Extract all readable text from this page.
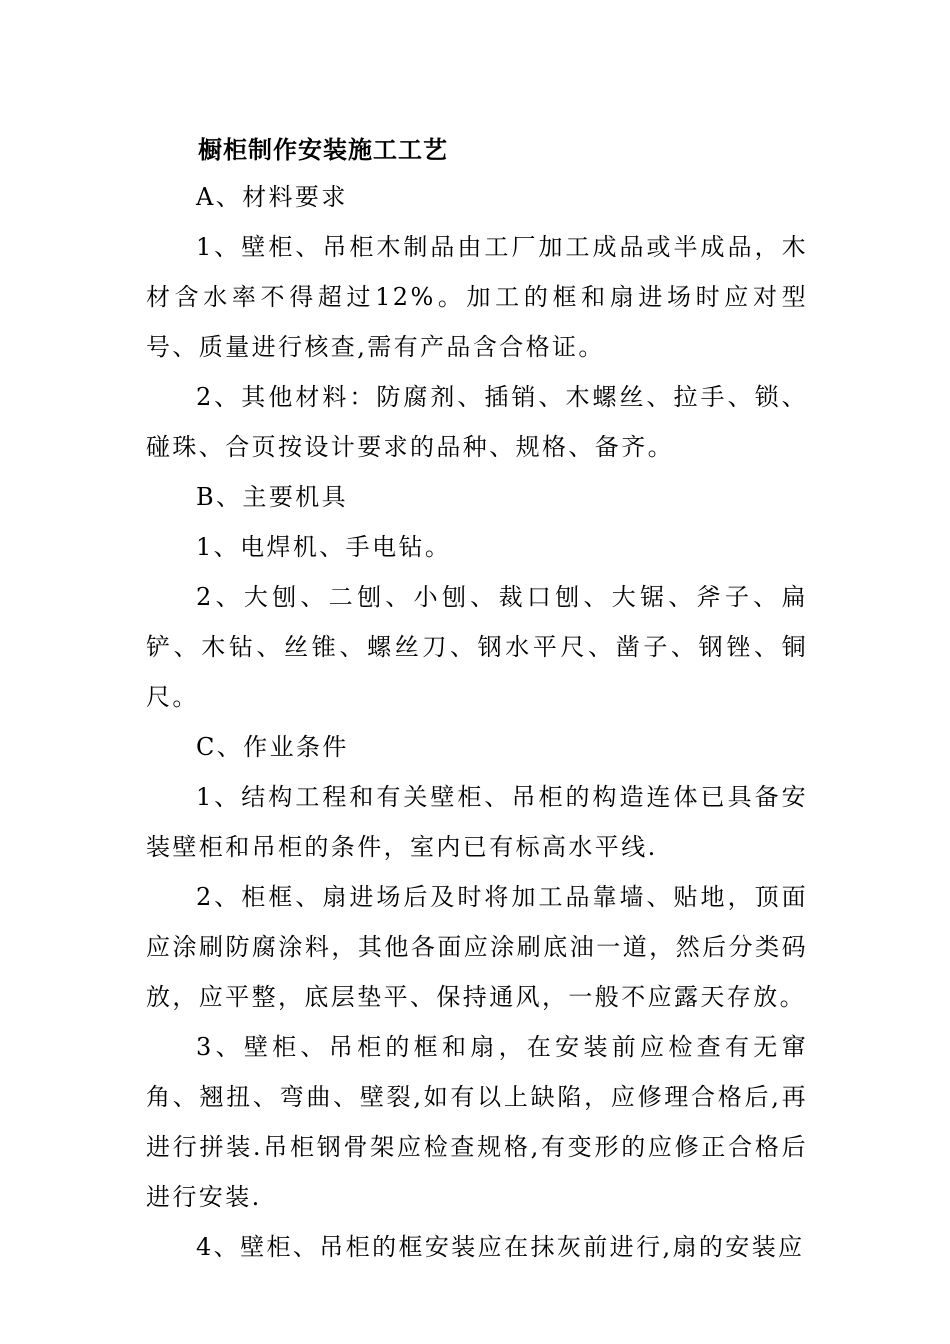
橱柜制作安装施工工艺
A、材料要求
1、壁柜、吊柜木制品由工厂加工成品或半成品，木材含水率不得超过12%。加工的框和扇进场时应对型号、质量进行核查,需有产品含合格证。
2、其他材料：防腐剂、插销、木螺丝、拉手、锁、碰珠、合页按设计要求的品种、规格、备齐。
B、主要机具
1、电焊机、手电钻。
2、大刨、二刨、小刨、裁口刨、大锯、斧子、扁铲、木钻、丝锥、螺丝刀、钢水平尺、凿子、钢锉、铜尺。
C、作业条件
1、结构工程和有关壁柜、吊柜的构造连体已具备安装壁柜和吊柜的条件，室内已有标高水平线.
2、柜框、扇进场后及时将加工品靠墙、贴地，顶面应涂刷防腐涂料，其他各面应涂刷底油一道，然后分类码放，应平整，底层垫平、保持通风，一般不应露天存放。
3、壁柜、吊柜的框和扇，在安装前应检查有无窜角、翘扭、弯曲、壁裂,如有以上缺陷，应修理合格后,再进行拼装.吊柜钢骨架应检查规格,有变形的应修正合格后进行安装.
4、壁柜、吊柜的框安装应在抹灰前进行,扇的安装应
